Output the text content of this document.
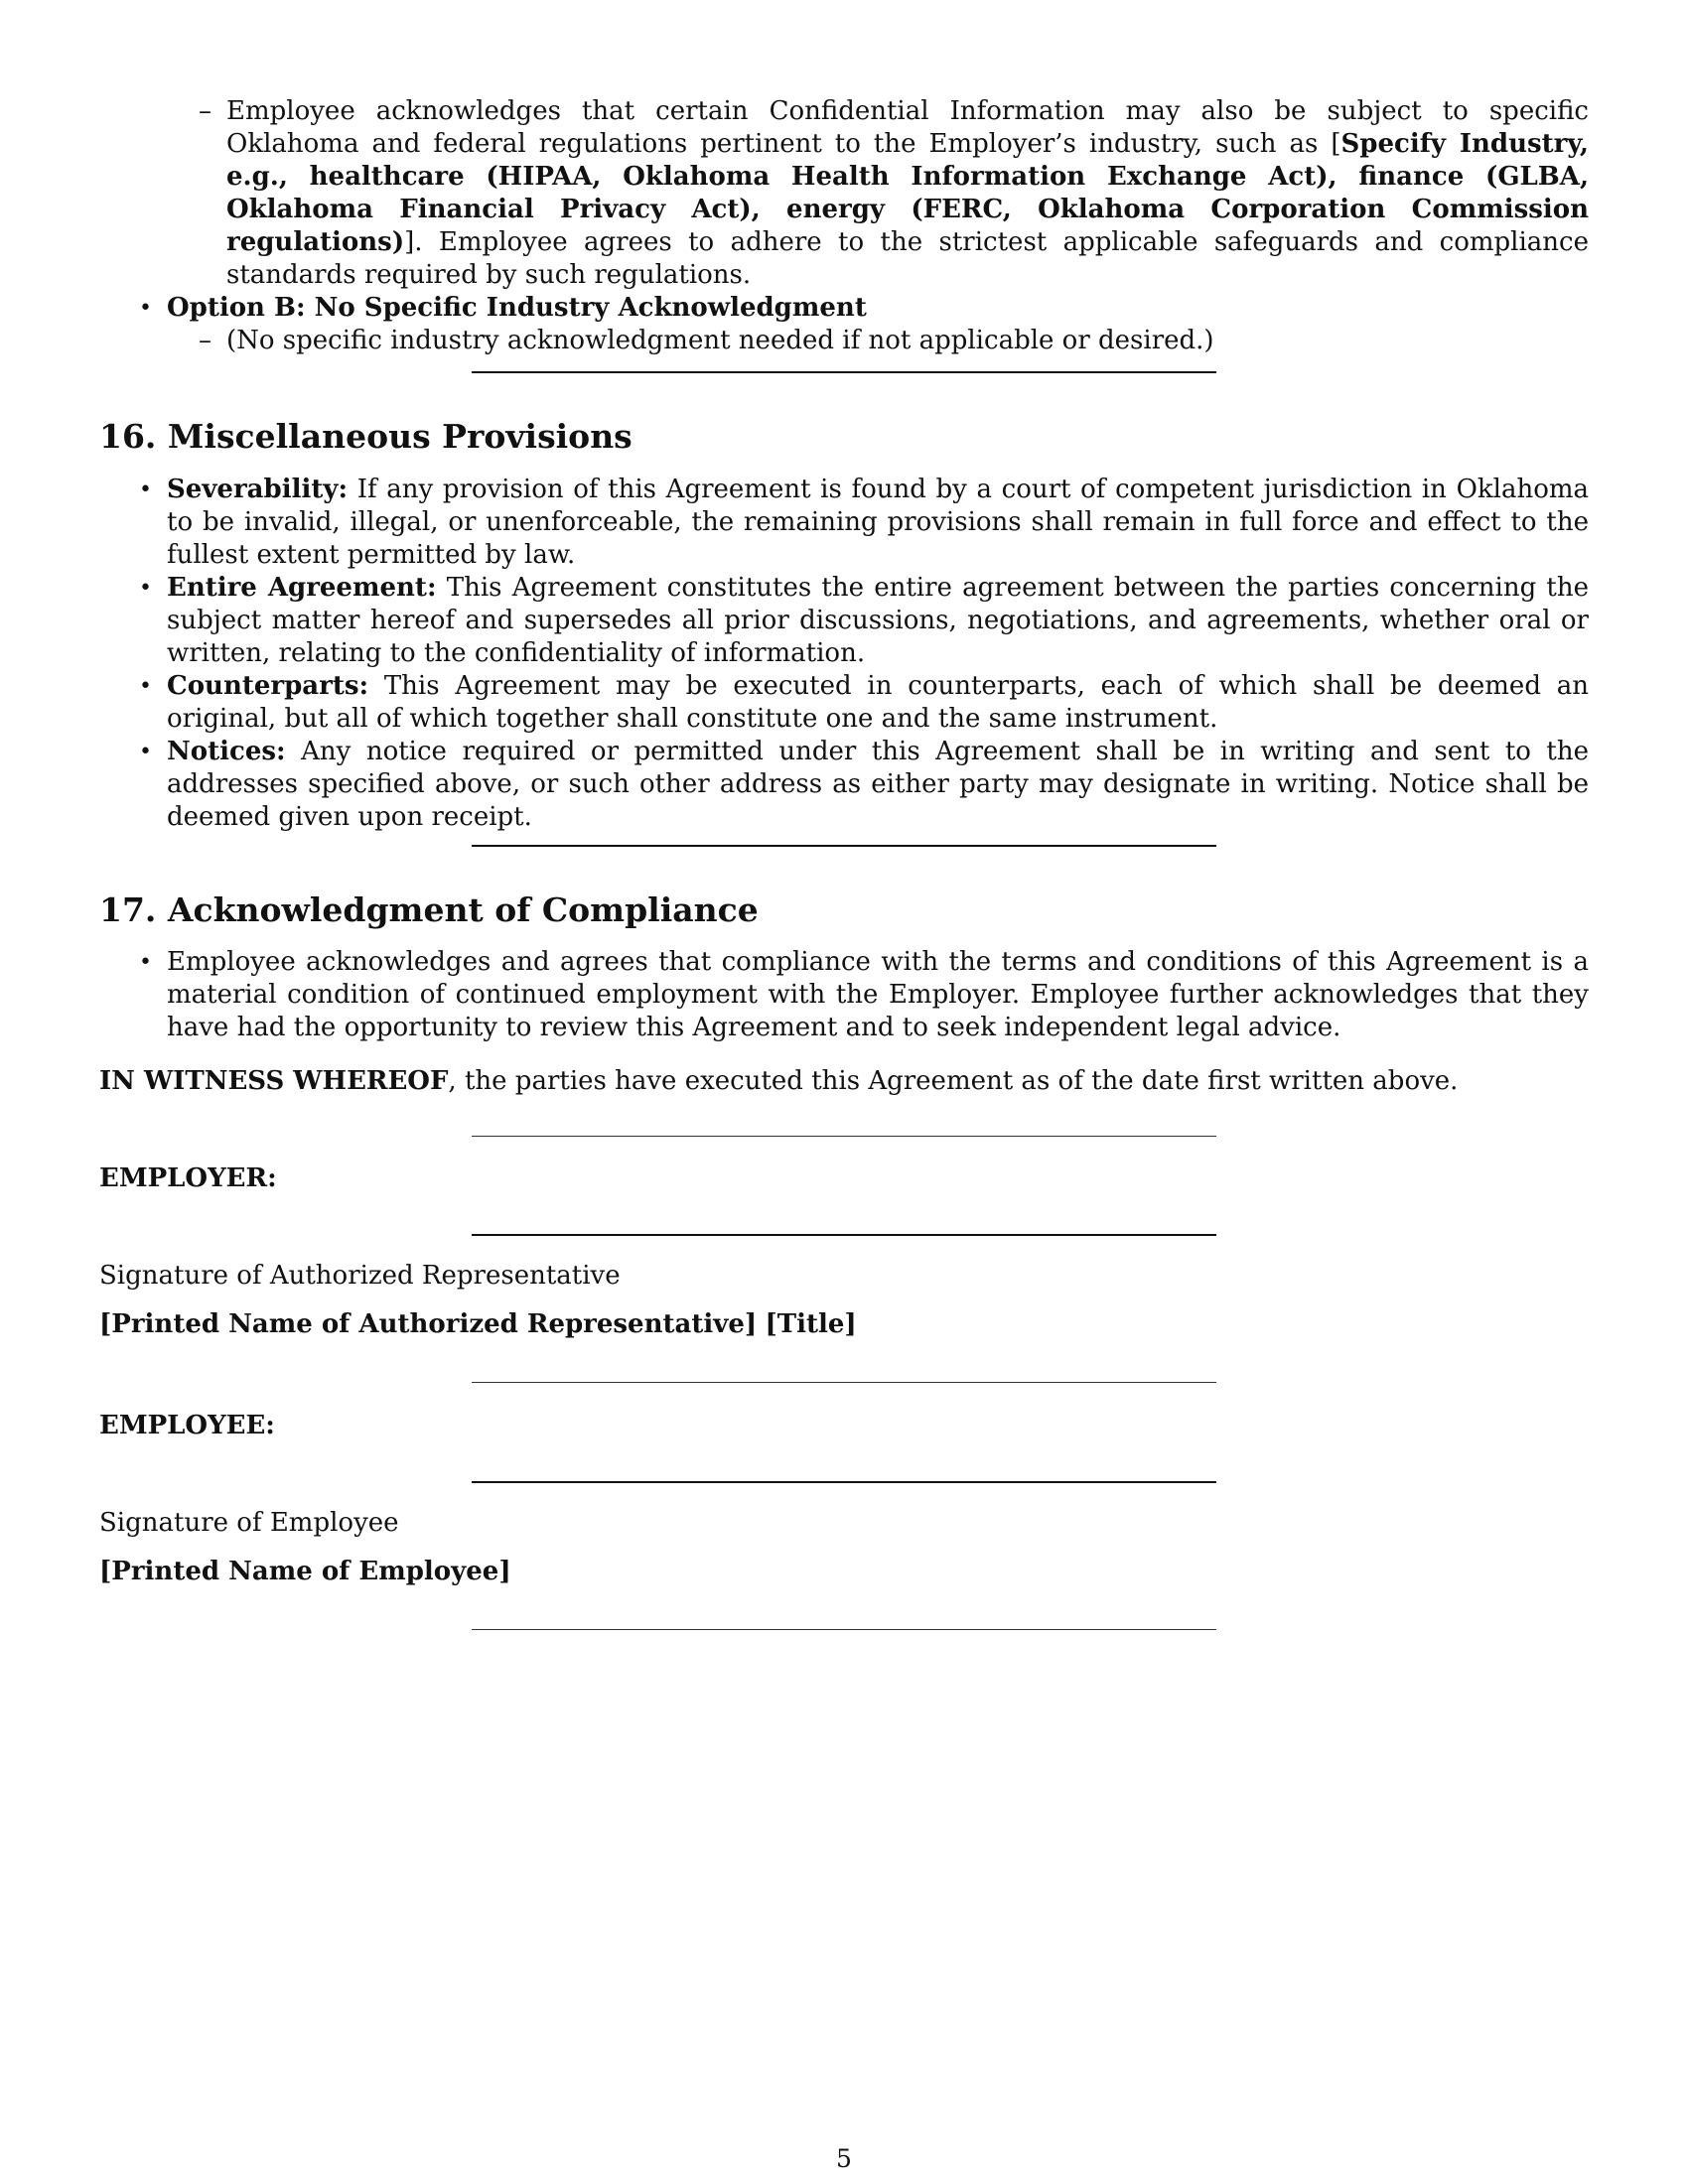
– Employee acknowledges that certain Confidential Information may also be subject to specific Oklahoma and federal regulations pertinent to the Employer’s industry, such as [Specify Industry, e.g., healthcare (HIPAA, Oklahoma Health Information Exchange Act), finance (GLBA, Oklahoma Financial Privacy Act), energy (FERC, Oklahoma Corporation Commission regulations)]. Employee agrees to adhere to the strictest applicable safeguards and compliance standards required by such regulations.

• Option B: No Specific Industry Acknowledgment

– (No specific industry acknowledgment needed if not applicable or desired.)

16. Miscellaneous Provisions

• Severability: If any provision of this Agreement is found by a court of competent jurisdiction in Oklahoma to be invalid, illegal, or unenforceable, the remaining provisions shall remain in full force and effect to the fullest extent permitted by law.

• Entire Agreement: This Agreement constitutes the entire agreement between the parties concerning the subject matter hereof and supersedes all prior discussions, negotiations, and agreements, whether oral or written, relating to the confidentiality of information.

• Counterparts: This Agreement may be executed in counterparts, each of which shall be deemed an original, but all of which together shall constitute one and the same instrument.

• Notices: Any notice required or permitted under this Agreement shall be in writing and sent to the addresses specified above, or such other address as either party may designate in writing. Notice shall be deemed given upon receipt.

17. Acknowledgment of Compliance

• Employee acknowledges and agrees that compliance with the terms and conditions of this Agreement is a material condition of continued employment with the Employer. Employee further acknowledges that they have had the opportunity to review this Agreement and to seek independent legal advice.

IN WITNESS WHEREOF, the parties have executed this Agreement as of the date first written above.
EMPLOYER:
Signature of Authorized Representative
[Printed Name of Authorized Representative] [Title]
EMPLOYEE:
Signature of Employee
[Printed Name of Employee]
5
